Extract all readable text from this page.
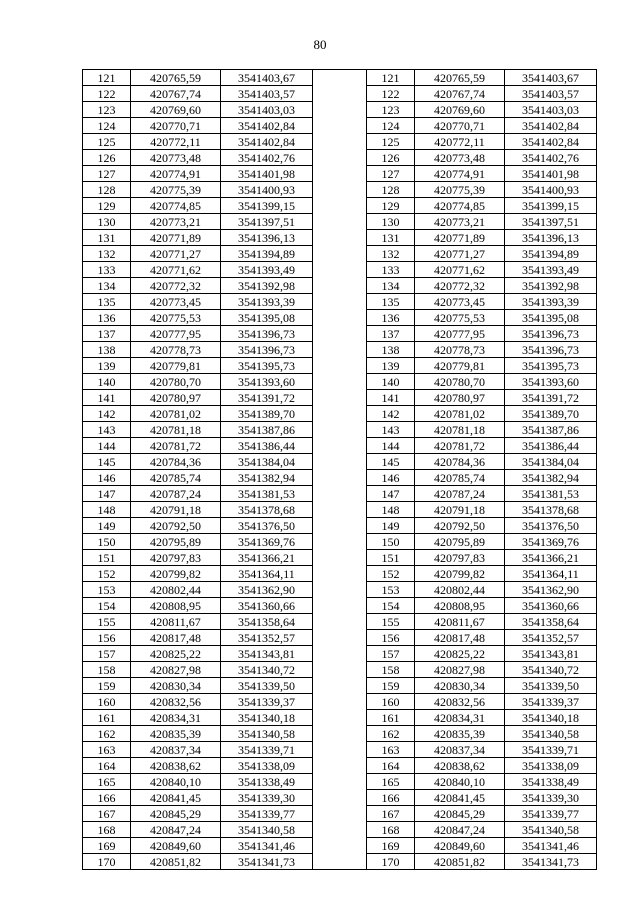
80
121	420765,59	3541403,67		121	420765,59	3541403,67
122	420767,74	3541403,57		122	420767,74	3541403,57
123	420769,60	3541403,03		123	420769,60	3541403,03
124	420770,71	3541402,84		124	420770,71	3541402,84
125	420772,11	3541402,84		125	420772,11	3541402,84
126	420773,48	3541402,76		126	420773,48	3541402,76
127	420774,91	3541401,98		127	420774,91	3541401,98
128	420775,39	3541400,93		128	420775,39	3541400,93
129	420774,85	3541399,15		129	420774,85	3541399,15
130	420773,21	3541397,51		130	420773,21	3541397,51
131	420771,89	3541396,13		131	420771,89	3541396,13
132	420771,27	3541394,89		132	420771,27	3541394,89
133	420771,62	3541393,49		133	420771,62	3541393,49
134	420772,32	3541392,98		134	420772,32	3541392,98
135	420773,45	3541393,39		135	420773,45	3541393,39
136	420775,53	3541395,08		136	420775,53	3541395,08
137	420777,95	3541396,73		137	420777,95	3541396,73
138	420778,73	3541396,73		138	420778,73	3541396,73
139	420779,81	3541395,73		139	420779,81	3541395,73
140	420780,70	3541393,60		140	420780,70	3541393,60
141	420780,97	3541391,72		141	420780,97	3541391,72
142	420781,02	3541389,70		142	420781,02	3541389,70
143	420781,18	3541387,86		143	420781,18	3541387,86
144	420781,72	3541386,44		144	420781,72	3541386,44
145	420784,36	3541384,04		145	420784,36	3541384,04
146	420785,74	3541382,94		146	420785,74	3541382,94
147	420787,24	3541381,53		147	420787,24	3541381,53
148	420791,18	3541378,68		148	420791,18	3541378,68
149	420792,50	3541376,50		149	420792,50	3541376,50
150	420795,89	3541369,76		150	420795,89	3541369,76
151	420797,83	3541366,21		151	420797,83	3541366,21
152	420799,82	3541364,11		152	420799,82	3541364,11
153	420802,44	3541362,90		153	420802,44	3541362,90
154	420808,95	3541360,66		154	420808,95	3541360,66
155	420811,67	3541358,64		155	420811,67	3541358,64
156	420817,48	3541352,57		156	420817,48	3541352,57
157	420825,22	3541343,81		157	420825,22	3541343,81
158	420827,98	3541340,72		158	420827,98	3541340,72
159	420830,34	3541339,50		159	420830,34	3541339,50
160	420832,56	3541339,37		160	420832,56	3541339,37
161	420834,31	3541340,18		161	420834,31	3541340,18
162	420835,39	3541340,58		162	420835,39	3541340,58
163	420837,34	3541339,71		163	420837,34	3541339,71
164	420838,62	3541338,09		164	420838,62	3541338,09
165	420840,10	3541338,49		165	420840,10	3541338,49
166	420841,45	3541339,30		166	420841,45	3541339,30
167	420845,29	3541339,77		167	420845,29	3541339,77
168	420847,24	3541340,58		168	420847,24	3541340,58
169	420849,60	3541341,46		169	420849,60	3541341,46
170	420851,82	3541341,73		170	420851,82	3541341,73
